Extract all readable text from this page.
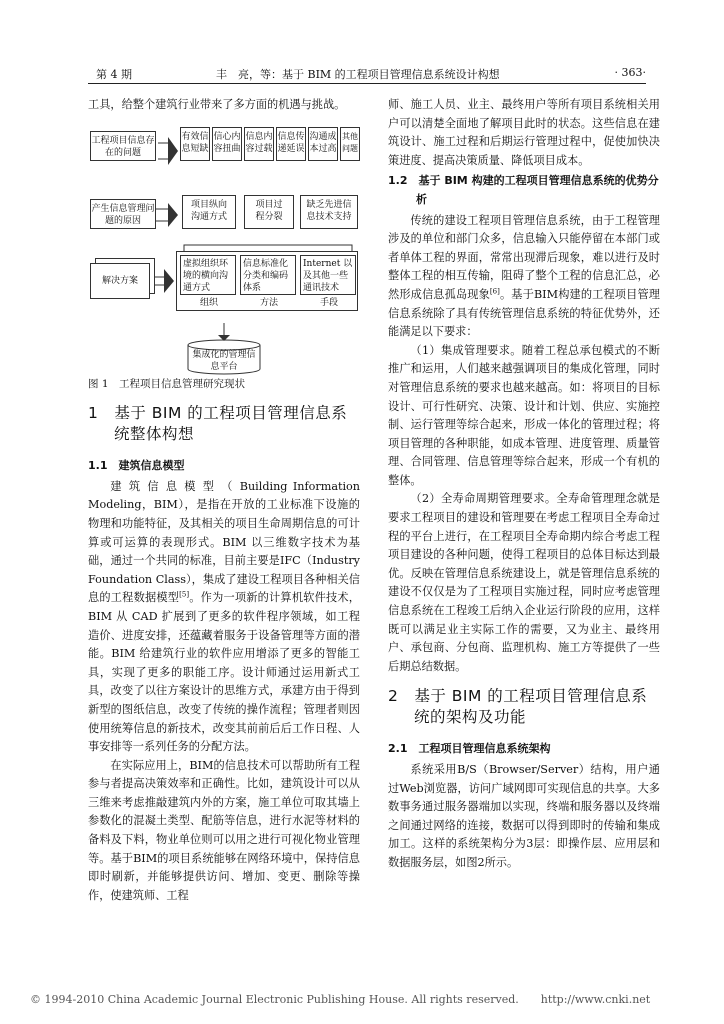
第 4 期	丰　亮，等：基于 BIM 的工程项目管理信息系统设计构想	· 363·

工具，给整个建筑行业带来了多方面的机遇与挑战。

工程项目信息存在的问题
有效信息短缺
信心内容扭曲
信息内容过载
信息传递延误
沟通成本过高
其他问题
产生信息管理问题的原因
项目纵向沟通方式
项目过程分裂
缺乏先进信息技术支持
解决方案
虚拟组织环境的横向沟通方式
信息标准化分类和编码体系
Internet 以及其他一些通讯技术
组织	方法	手段
集成化的管理信息平台

图 1　工程项目信息管理研究现状

1　基于 BIM 的工程项目管理信息系统整体构想
1.1　建筑信息模型

建 筑 信 息 模 型 （ Building Information Modeling，BIM），是指在开放的工业标准下设施的物理和功能特征，及其相关的项目生命周期信息的可计算或可运算的表现形式。BIM 以三维数字技术为基础，通过一个共同的标准，目前主要是IFC（Industry Foundation Class），集成了建设工程项目各种相关信息的工程数据模型[5]。作为一项新的计算机软件技术，BIM 从 CAD 扩展到了更多的软件程序领域，如工程造价、进度安排，还蕴藏着服务于设备管理等方面的潜能。BIM 给建筑行业的软件应用增添了更多的智能工具，实现了更多的职能工序。设计师通过运用新式工具，改变了以往方案设计的思维方式，承建方由于得到新型的图纸信息，改变了传统的操作流程；管理者则因使用统筹信息的新技术，改变其前前后后工作日程、人事安排等一系列任务的分配方法。

在实际应用上，BIM的信息技术可以帮助所有工程参与者提高决策效率和正确性。比如，建筑设计可以从三维来考虑推敲建筑内外的方案，施工单位可取其墙上参数化的混凝土类型、配筋等信息，进行水泥等材料的备料及下料，物业单位则可以用之进行可视化物业管理等。基于BIM的项目系统能够在网络环境中，保持信息即时刷新，并能够提供访问、增加、变更、删除等操作，使建筑师、工程

师、施工人员、业主、最终用户等所有项目系统相关用户可以清楚全面地了解项目此时的状态。这些信息在建筑设计、施工过程和后期运行管理过程中，促使加快决策进度、提高决策质量、降低项目成本。

1.2　基于 BIM 构建的工程项目管理信息系统的优势分析

传统的建设工程项目管理信息系统，由于工程管理涉及的单位和部门众多，信息输入只能停留在本部门或者单体工程的界面，常常出现滞后现象，难以进行及时整体工程的相互传输，阻碍了整个工程的信息汇总，必然形成信息孤岛现象[6]。基于BIM构建的工程项目管理信息系统除了具有传统管理信息系统的特征优势外，还能满足以下要求：

（1）集成管理要求。随着工程总承包模式的不断推广和运用，人们越来越强调项目的集成化管理，同时对管理信息系统的要求也越来越高。如：将项目的目标设计、可行性研究、决策、设计和计划、供应、实施控制、运行管理等综合起来，形成一体化的管理过程；将项目管理的各种职能，如成本管理、进度管理、质量管理、合同管理、信息管理等综合起来，形成一个有机的整体。

（2）全寿命周期管理要求。全寿命管理理念就是要求工程项目的建设和管理要在考虑工程项目全寿命过程的平台上进行，在工程项目全寿命期内综合考虑工程项目建设的各种问题，使得工程项目的总体目标达到最优。反映在管理信息系统建设上，就是管理信息系统的建设不仅仅是为了工程项目实施过程，同时应考虑管理信息系统在工程竣工后纳入企业运行阶段的应用，这样既可以满足业主实际工作的需要，又为业主、最终用户、承包商、分包商、监理机构、施工方等提供了一些后期总结数据。

2　基于 BIM 的工程项目管理信息系统的架构及功能
2.1　工程项目管理信息系统架构

系统采用B/S（Browser/Server）结构，用户通过Web浏览器，访问广域网即可实现信息的共享。大多数事务通过服务器端加以实现，终端和服务器以及终端之间通过网络的连接，数据可以得到即时的传输和集成加工。这样的系统架构分为3层：即操作层、应用层和数据服务层，如图2所示。

© 1994-2010 China Academic Journal Electronic Publishing House. All rights reserved.　　http://www.cnki.net
